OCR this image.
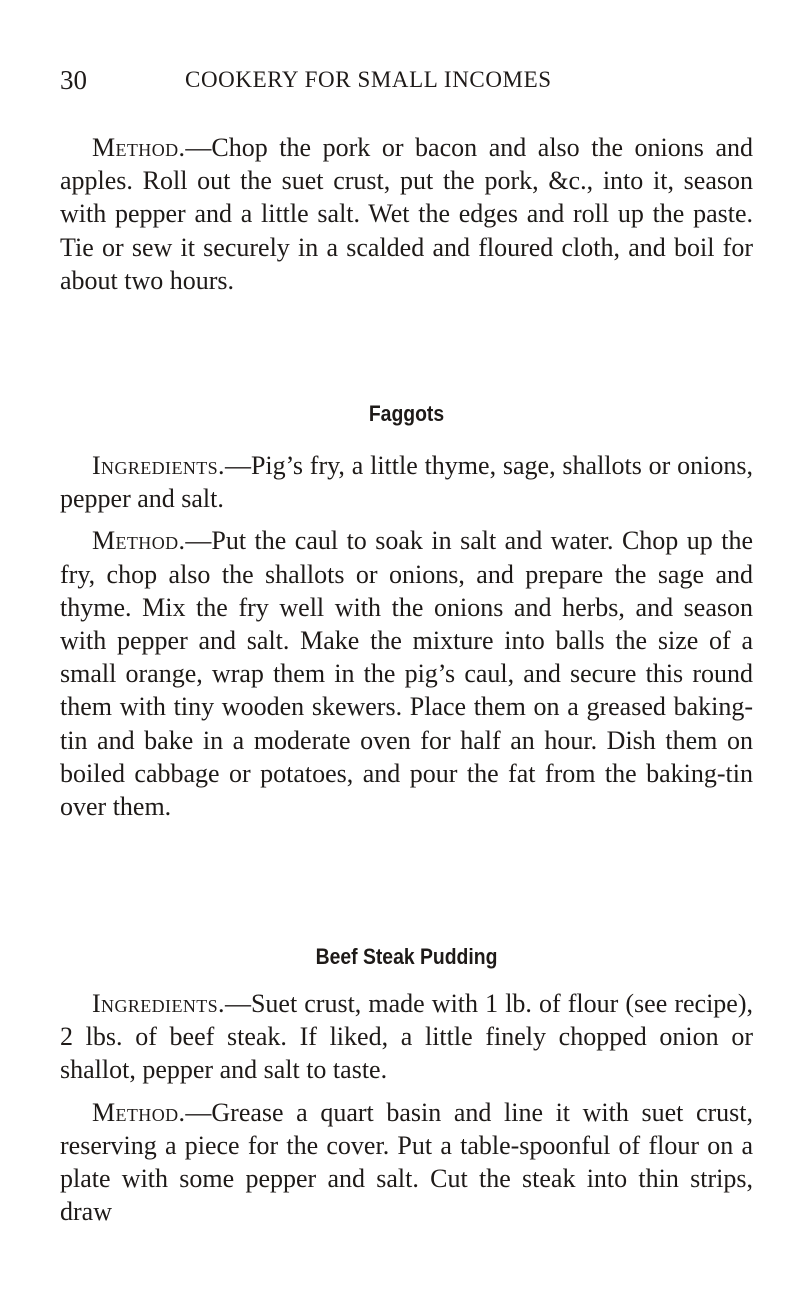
30	COOKERY FOR SMALL INCOMES

Method.—Chop the pork or bacon and also the onions and apples. Roll out the suet crust, put the pork, &c., into it, season with pepper and a little salt. Wet the edges and roll up the paste. Tie or sew it securely in a scalded and floured cloth, and boil for about two hours.

Faggots

Ingredients.—Pig’s fry, a little thyme, sage, shallots or onions, pepper and salt.

Method.—Put the caul to soak in salt and water. Chop up the fry, chop also the shallots or onions, and prepare the sage and thyme. Mix the fry well with the onions and herbs, and season with pepper and salt. Make the mixture into balls the size of a small orange, wrap them in the pig’s caul, and secure this round them with tiny wooden skewers. Place them on a greased baking-tin and bake in a moderate oven for half an hour. Dish them on boiled cabbage or potatoes, and pour the fat from the baking-tin over them.

Beef Steak Pudding

Ingredients.—Suet crust, made with 1 lb. of flour (see recipe), 2 lbs. of beef steak. If liked, a little finely chopped onion or shallot, pepper and salt to taste.

Method.—Grease a quart basin and line it with suet crust, reserving a piece for the cover. Put a table-spoonful of flour on a plate with some pepper and salt. Cut the steak into thin strips, draw
